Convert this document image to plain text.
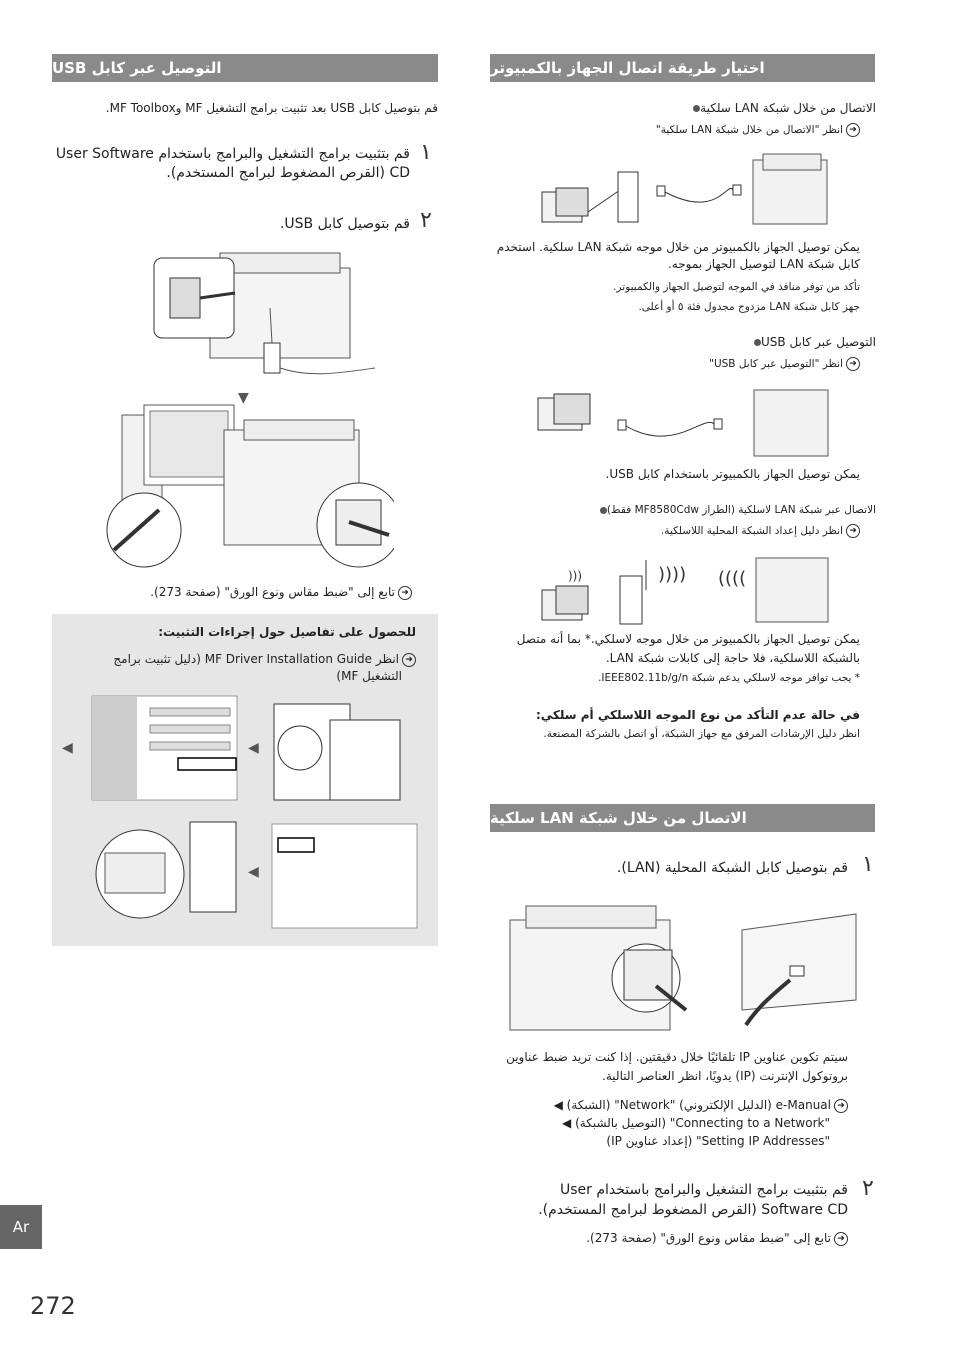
التوصيل عبر كابل USB
قم بتوصيل كابل USB بعد تثبيت برامج التشغيل MF وMF Toolbox.
١
قم بتثبيت برامج التشغيل والبرامج باستخدام User Software
CD (القرص المضغوط لبرامج المستخدم).
٢
قم بتوصيل كابل USB.
▼
➜تابع إلى "ضبط مقاس ونوع الورق" (صفحة 273).
للحصول على تفاصيل حول إجراءات التثبيت:
➜انظر MF Driver Installation Guide (دليل تثبيت برامج
التشغيل MF)
◀	◀
◀
اختيار طريقة اتصال الجهاز بالكمبيوتر
الاتصال من خلال شبكة LAN سلكية
➜انظر "الاتصال من خلال شبكة LAN سلكية"
يمكن توصيل الجهاز بالكمبيوتر من خلال موجه شبكة LAN سلكية. استخدم
كابل شبكة LAN لتوصيل الجهاز بموجه.
تأكد من توفر منافذ في الموجه لتوصيل الجهاز والكمبيوتر.
جهز كابل شبكة LAN مزدوج مجدول فئة ٥ أو أعلى.
التوصيل عبر كابل USB
➜انظر "التوصيل عبر كابل USB"
يمكن توصيل الجهاز بالكمبيوتر باستخدام كابل USB.
الاتصال عبر شبكة LAN لاسلكية (الطراز MF8580Cdw فقط)
➜انظر دليل إعداد الشبكة المحلية اللاسلكية.
)))	)))) ((((
يمكن توصيل الجهاز بالكمبيوتر من خلال موجه لاسلكي.* بما أنه متصل
بالشبكة اللاسلكية، فلا حاجة إلى كابلات شبكة LAN.
* يجب توافر موجه لاسلكي يدعم شبكة IEEE802.11b/g/n.
في حالة عدم التأكد من نوع الموجه اللاسلكي أم سلكي:
انظر دليل الإرشادات المرفق مع جهاز الشبكة، أو اتصل بالشركة المصنعة.
الاتصال من خلال شبكة LAN سلكية
١
قم بتوصيل كابل الشبكة المحلية (LAN).
سيتم تكوين عناوين IP تلقائيًا خلال دقيقتين. إذا كنت تريد ضبط عناوين
بروتوكول الإنترنت (IP) يدويًا، انظر العناصر التالية.
➜e-Manual (الدليل الإلكتروني) "Network" (الشبكة) ◀
"Connecting to a Network" (التوصيل بالشبكة) ◀
"Setting IP Addresses" (إعداد عناوين IP)
٢
قم بتثبيت برامج التشغيل والبرامج باستخدام User
Software CD (القرص المضغوط لبرامج المستخدم).
➜تابع إلى "ضبط مقاس ونوع الورق" (صفحة 273).
Ar
272
